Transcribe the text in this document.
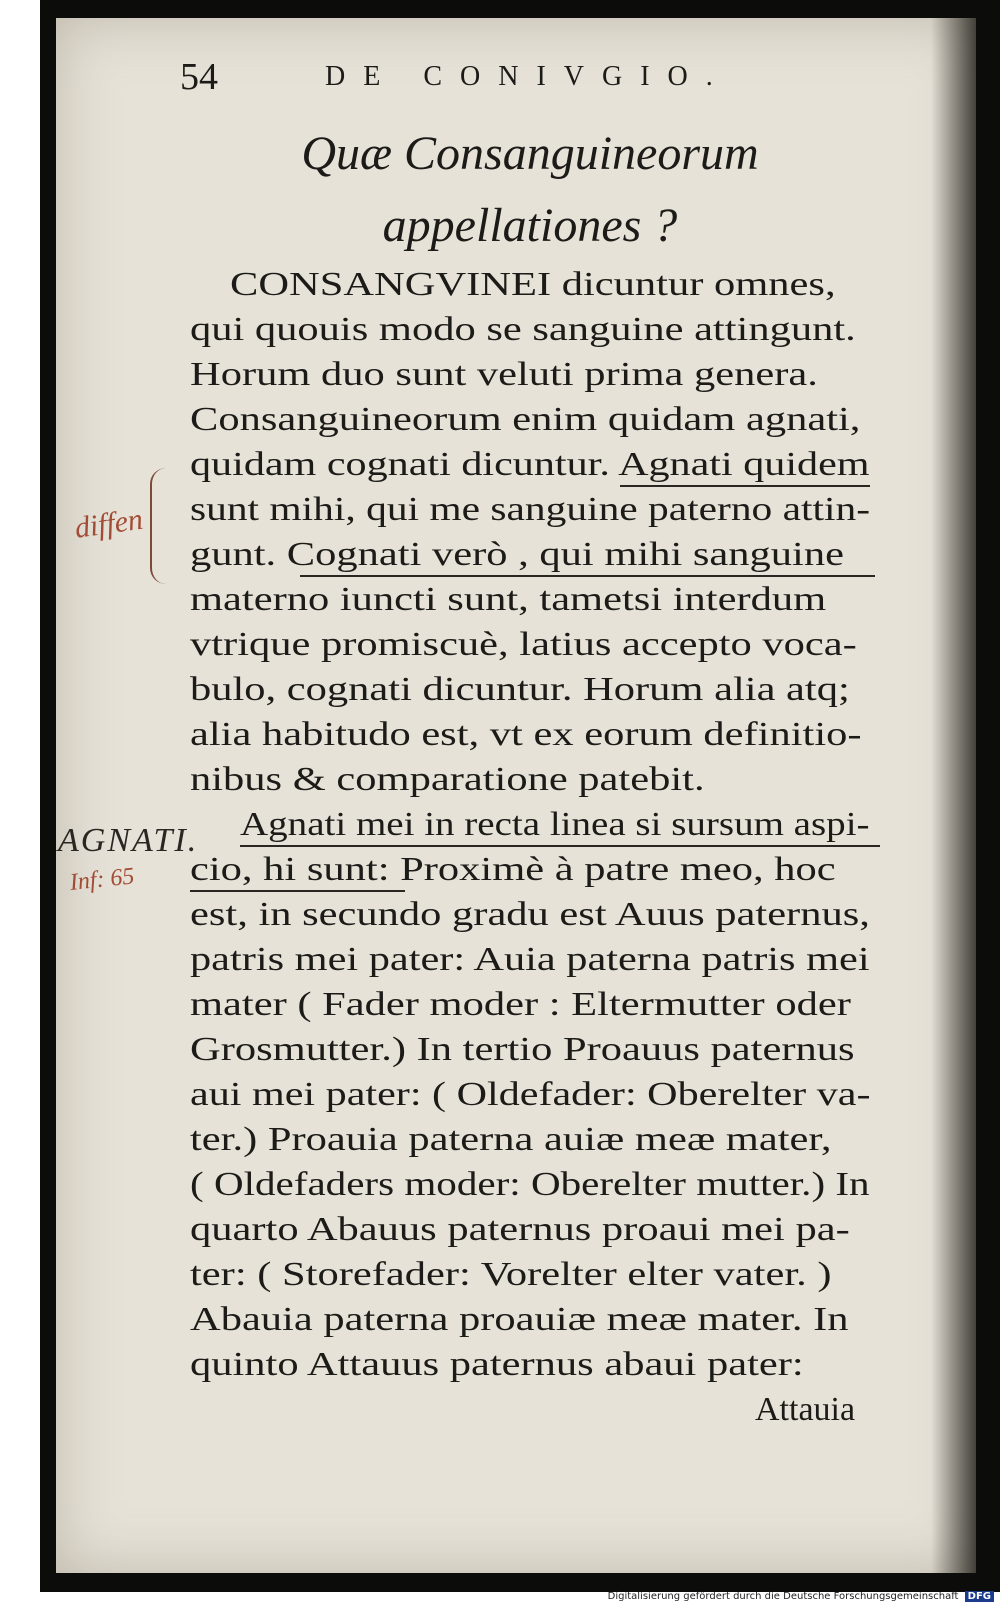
54	DE CONIVGIO.
Quæ Consanguineorum
appellationes ?
CONSANGVINEI dicuntur omnes,
qui quouis modo se sanguine attingunt.
Horum duo sunt veluti prima genera.
Consanguineorum enim quidam agnati,
quidam cognati dicuntur. Agnati quidem
sunt mihi, qui me sanguine paterno attin-
gunt. Cognati verò , qui mihi sanguine
materno iuncti sunt, tametsi interdum
vtrique promiscuè, latius accepto voca-
bulo, cognati dicuntur. Horum alia atq;
alia habitudo est, vt ex eorum definitio-
nibus & comparatione patebit.
Agnati mei in recta linea si sursum aspi-
cio, hi sunt: Proximè à patre meo, hoc
est, in secundo gradu est Auus paternus,
patris mei pater: Auia paterna patris mei
mater ( Fader moder : Eltermutter oder
Grosmutter.) In tertio Proauus paternus
aui mei pater: ( Oldefader: Oberelter va-
ter.) Proauia paterna auiæ meæ mater,
( Oldefaders moder: Oberelter mutter.) In
quarto Abauus paternus proaui mei pa-
ter: ( Storefader: Vorelter elter vater. )
Abauia paterna proauiæ meæ mater. In
quinto Attauus paternus abaui pater:
Attauia
diffen
AGNATI.
Inf: 65
Digitalisierung gefördert durch die Deutsche Forschungsgemeinschaft DFG
